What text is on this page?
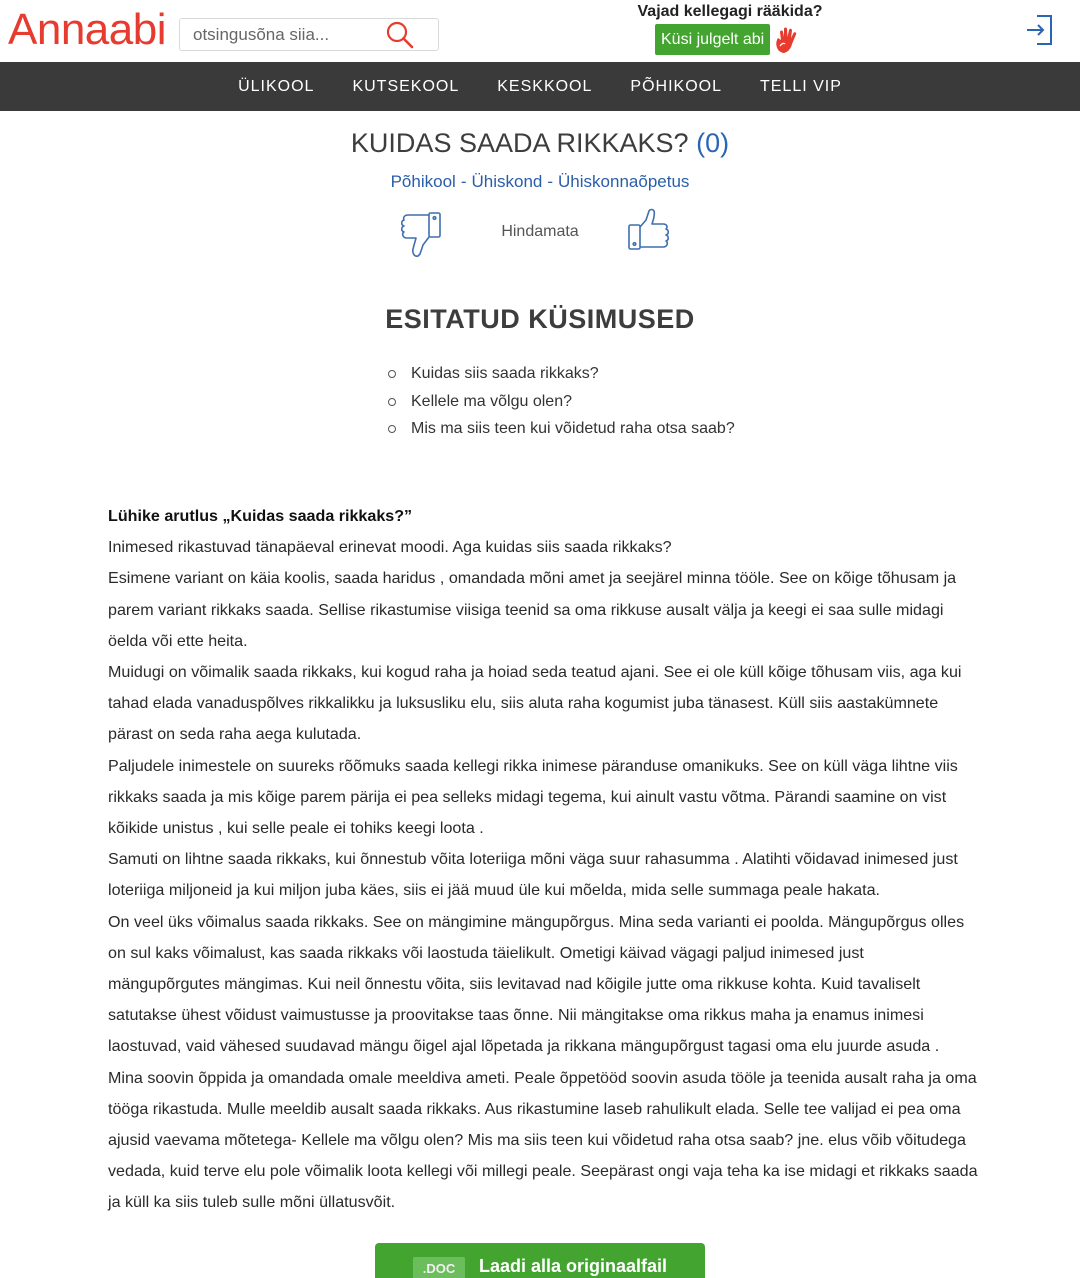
Annaabi
otsingusõna siia...	Vajad kellegagi rääkida?
Küsi julgelt abi
ÜLIKOOL	KUTSEKOOL	KESKKOOL	PÕHIKOOL	TELLI VIP
KUIDAS SAADA RIKKAKS? (0)
Põhikool - Ühiskond - Ühiskonnaõpetus
Hindamata
ESITATUD KÜSIMUSED
Kuidas siis saada rikkaks?
Kellele ma võlgu olen?
Mis ma siis teen kui võidetud raha otsa saab?

Lühike arutlus „Kuidas saada rikkaks?”

Inimesed rikastuvad tänapäeval erinevat moodi. Aga kuidas siis saada rikkaks?

Esimene variant on käia koolis, saada haridus , omandada mõni amet ja seejärel minna tööle. See on kõige tõhusam ja parem variant rikkaks saada. Sellise rikastumise viisiga teenid sa oma rikkuse ausalt välja ja keegi ei saa sulle midagi öelda või ette heita.

Muidugi on võimalik saada rikkaks, kui kogud raha ja hoiad seda teatud ajani. See ei ole küll kõige tõhusam viis, aga kui tahad elada vanaduspõlves rikkalikku ja luksusliku elu, siis aluta raha kogumist juba tänasest. Küll siis aastakümnete pärast on seda raha aega kulutada.

Paljudele inimestele on suureks rõõmuks saada kellegi rikka inimese päranduse omanikuks. See on küll väga lihtne viis rikkaks saada ja mis kõige parem pärija ei pea selleks midagi tegema, kui ainult vastu võtma. Pärandi saamine on vist kõikide unistus , kui selle peale ei tohiks keegi loota .

Samuti on lihtne saada rikkaks, kui õnnestub võita loteriiga mõni väga suur rahasumma . Alatihti võidavad inimesed just loteriiga miljoneid ja kui miljon juba käes, siis ei jää muud üle kui mõelda, mida selle summaga peale hakata.

On veel üks võimalus saada rikkaks. See on mängimine mängupõrgus. Mina seda varianti ei poolda. Mängupõrgus olles on sul kaks võimalust, kas saada rikkaks või laostuda täielikult. Ometigi käivad vägagi paljud inimesed just mängupõrgutes mängimas. Kui neil õnnestu võita, siis levitavad nad kõigile jutte oma rikkuse kohta. Kuid tavaliselt satutakse ühest võidust vaimustusse ja proovitakse taas õnne. Nii mängitakse oma rikkus maha ja enamus inimesi laostuvad, vaid vähesed suudavad mängu õigel ajal lõpetada ja rikkana mängupõrgust tagasi oma elu juurde asuda .

Mina soovin õppida ja omandada omale meeldiva ameti. Peale õppetööd soovin asuda tööle ja teenida ausalt raha ja oma tööga rikastuda. Mulle meeldib ausalt saada rikkaks. Aus rikastumine laseb rahulikult elada. Selle tee valijad ei pea oma ajusid vaevama mõtetega- Kellele ma võlgu olen? Mis ma siis teen kui võidetud raha otsa saab? jne. elus võib võitudega vedada, kuid terve elu pole võimalik loota kellegi või millegi peale. Seepärast ongi vaja teha ka ise midagi et rikkaks saada ja küll ka siis tuleb sulle mõni üllatusvõit.

.DOC	Laadi alla originaalfail
